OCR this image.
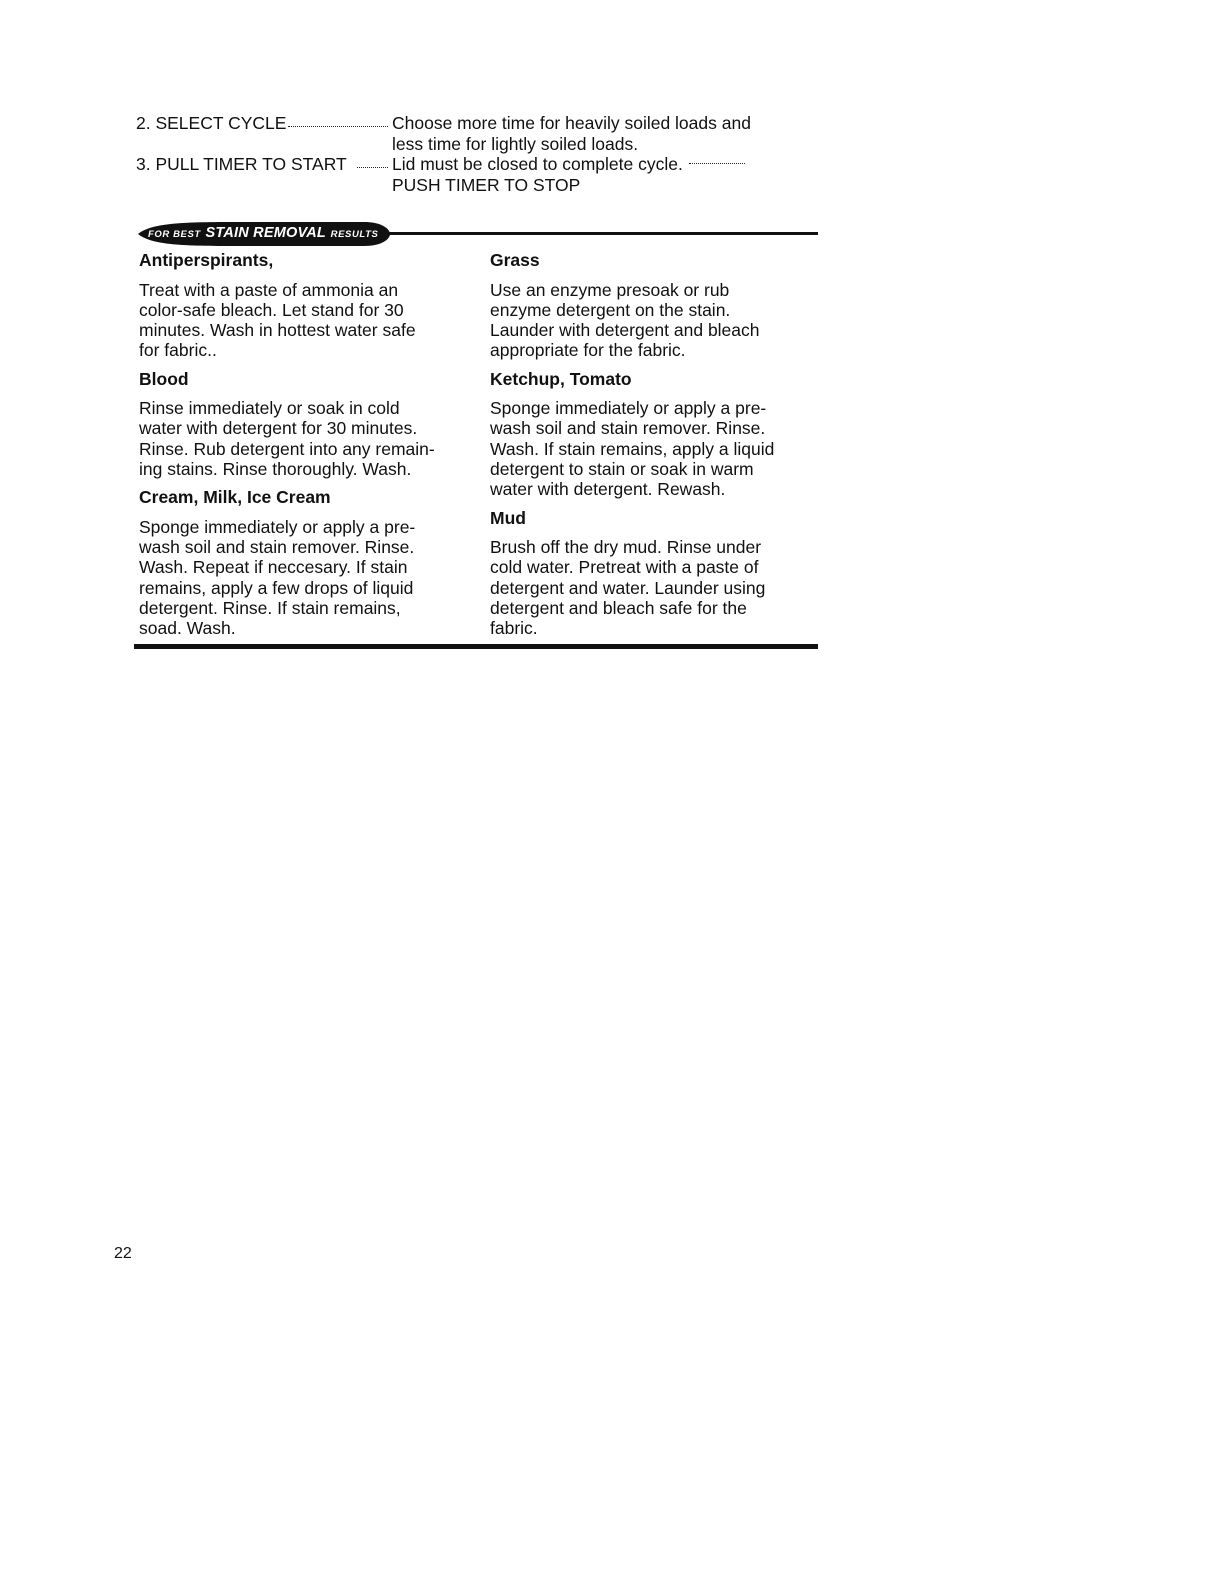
2. SELECT CYCLE	Choose more time for heavily soiled loads and
less time for lightly soiled loads.
3. PULL TIMER TO START	Lid must be closed to complete cycle.
PUSH TIMER TO STOP
FOR BEST STAIN REMOVAL RESULTS
Antiperspirants,
Treat with a paste of ammonia an
color-safe bleach. Let stand for 30
minutes. Wash in hottest water safe
for fabric..
Blood
Rinse immediately or soak in cold
water with detergent for 30 minutes.
Rinse. Rub detergent into any remain-
ing stains. Rinse thoroughly. Wash.
Cream, Milk, Ice Cream
Sponge immediately or apply a pre-
wash soil and stain remover. Rinse.
Wash. Repeat if neccesary. If stain
remains, apply a few drops of liquid
detergent. Rinse. If stain remains,
soad. Wash.
Grass
Use an enzyme presoak or rub
enzyme detergent on the stain.
Launder with detergent and bleach
appropriate for the fabric.
Ketchup, Tomato
Sponge immediately or apply a pre-
wash soil and stain remover. Rinse.
Wash. If stain remains, apply a liquid
detergent to stain or soak in warm
water with detergent. Rewash.
Mud
Brush off the dry mud. Rinse under
cold water. Pretreat with a paste of
detergent and water. Launder using
detergent and bleach safe for the
fabric.
22
